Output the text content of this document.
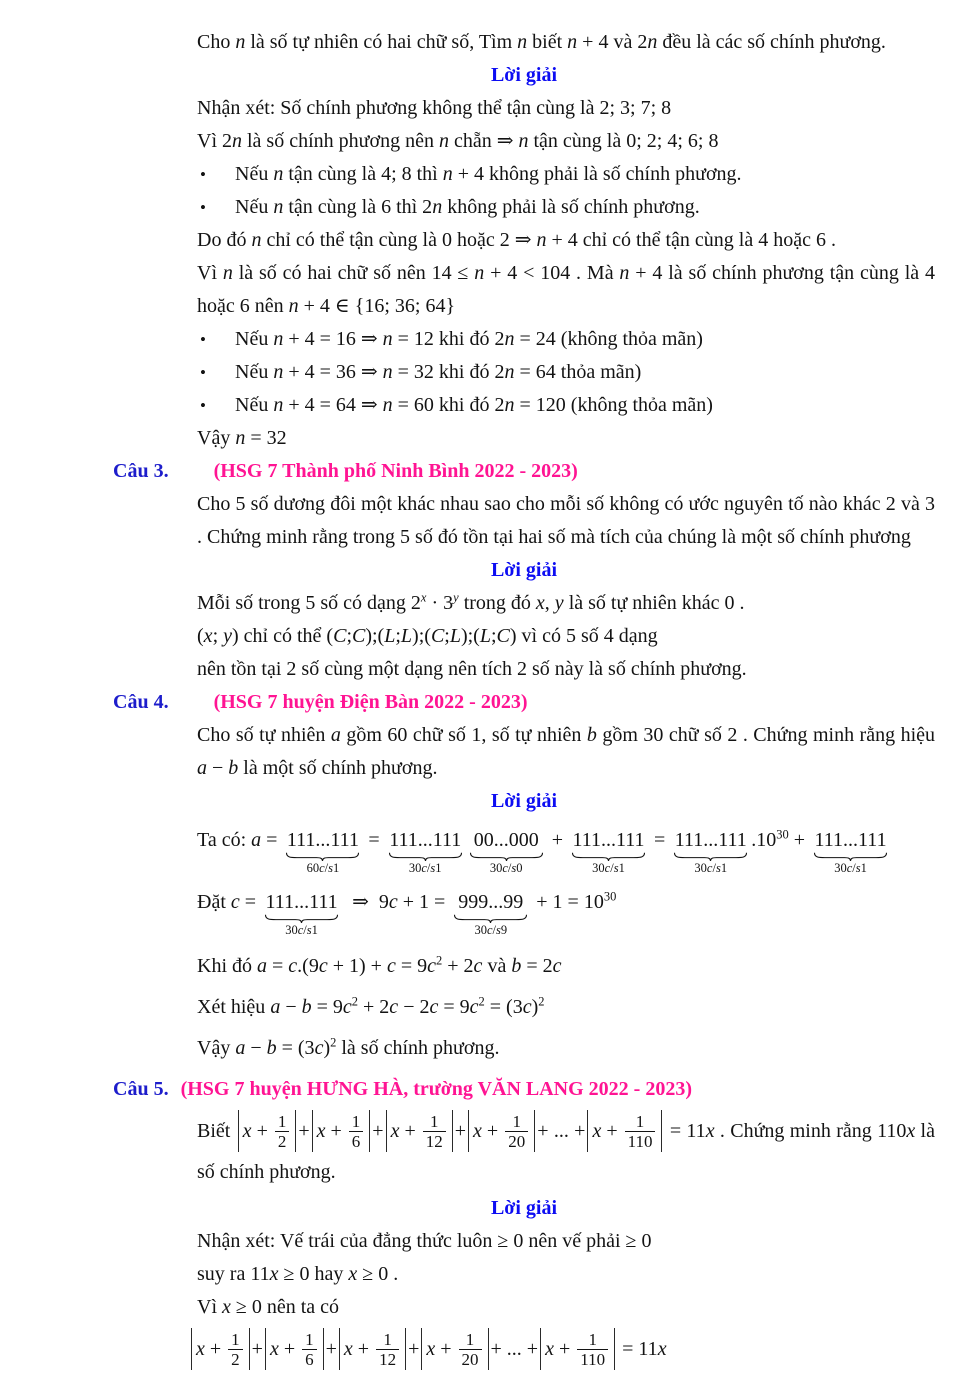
Cho n là số tự nhiên có hai chữ số, Tìm n biết n + 4 và 2n đều là các số chính phương.

Lời giải

Nhận xét: Số chính phương không thể tận cùng là 2; 3; 7; 8

Vì 2n là số chính phương nên n chẵn ⇒ n tận cùng là 0; 2; 4; 6; 8

•	Nếu n tận cùng là 4; 8 thì n + 4 không phải là số chính phương.
•	Nếu n tận cùng là 6 thì 2n không phải là số chính phương.

Do đó n chỉ có thể tận cùng là 0 hoặc 2 ⇒ n + 4 chỉ có thể tận cùng là 4 hoặc 6 .

Vì n là số có hai chữ số nên 14 ≤ n + 4 < 104 . Mà n + 4 là số chính phương tận cùng là 4 hoặc 6 nên n + 4 ∈ {16; 36; 64}

•	Nếu n + 4 = 16 ⇒ n = 12 khi đó 2n = 24 (không thỏa mãn)
•	Nếu n + 4 = 36 ⇒ n = 32 khi đó 2n = 64 thỏa mãn)
•	Nếu n + 4 = 64 ⇒ n = 60 khi đó 2n = 120 (không thỏa mãn)

Vậy n = 32

Câu 3. (HSG 7 Thành phố Ninh Bình 2022 - 2023)

Cho 5 số dương đôi một khác nhau sao cho mỗi số không có ước nguyên tố nào khác 2 và 3 . Chứng minh rằng trong 5 số đó tồn tại hai số mà tích của chúng là một số chính phương

Lời giải

Mỗi số trong 5 số có dạng $2^x \cdot 3^y$ trong đó x, y là số tự nhiên khác 0 .

(x; y) chỉ có thể (C;C);(L;L);(C;L);(L;C) vì có 5 số 4 dạng

nên tồn tại 2 số cùng một dạng nên tích 2 số này là số chính phương.

Câu 4. (HSG 7 huyện Điện Bàn 2022 - 2023)

Cho số tự nhiên a gồm 60 chữ số 1, số tự nhiên b gồm 30 chữ số 2 . Chứng minh rằng hiệu a − b là một số chính phương.

Lời giải

Ta có: a = 111...111
60c/s1
= 111...111
30c/s1
00...000
30c/s0
+ 111...111
30c/s1
= 111...111
30c/s1
$.10^{30} + 111...111$
30c/s1
Đặt c = 111...111
30c/s1
⇒  9c + 1 = 999...99
30c/s9
+ $1 = 10^{30}$

Khi đó $a = c.(9c + 1) + c = 9c^2 + 2c$ và b = 2c

Xét hiệu $a - b = 9c^2 + 2c - 2c = 9c^2 = (3c)^2$

Vậy $a - b = (3c)^2$ là số chính phương.

Câu 5. (HSG 7 huyện HƯNG HÀ, trường VĂN LANG 2022 - 2023)

Biết x + 1
2 + x + 1
6 + x + 1
12 + x + 1
20 + ... + x + 1
110 = 11x . Chứng minh rằng 110x là số chính phương.

Lời giải

Nhận xét: Vế trái của đẳng thức luôn ≥ 0 nên vế phải ≥ 0

suy ra 11x ≥ 0 hay x ≥ 0 .

Vì x ≥ 0 nên ta có

x + 1
2 + x + 1
6 + x + 1
12 + x + 1
20 + ... + x + 1
110 = 11x
